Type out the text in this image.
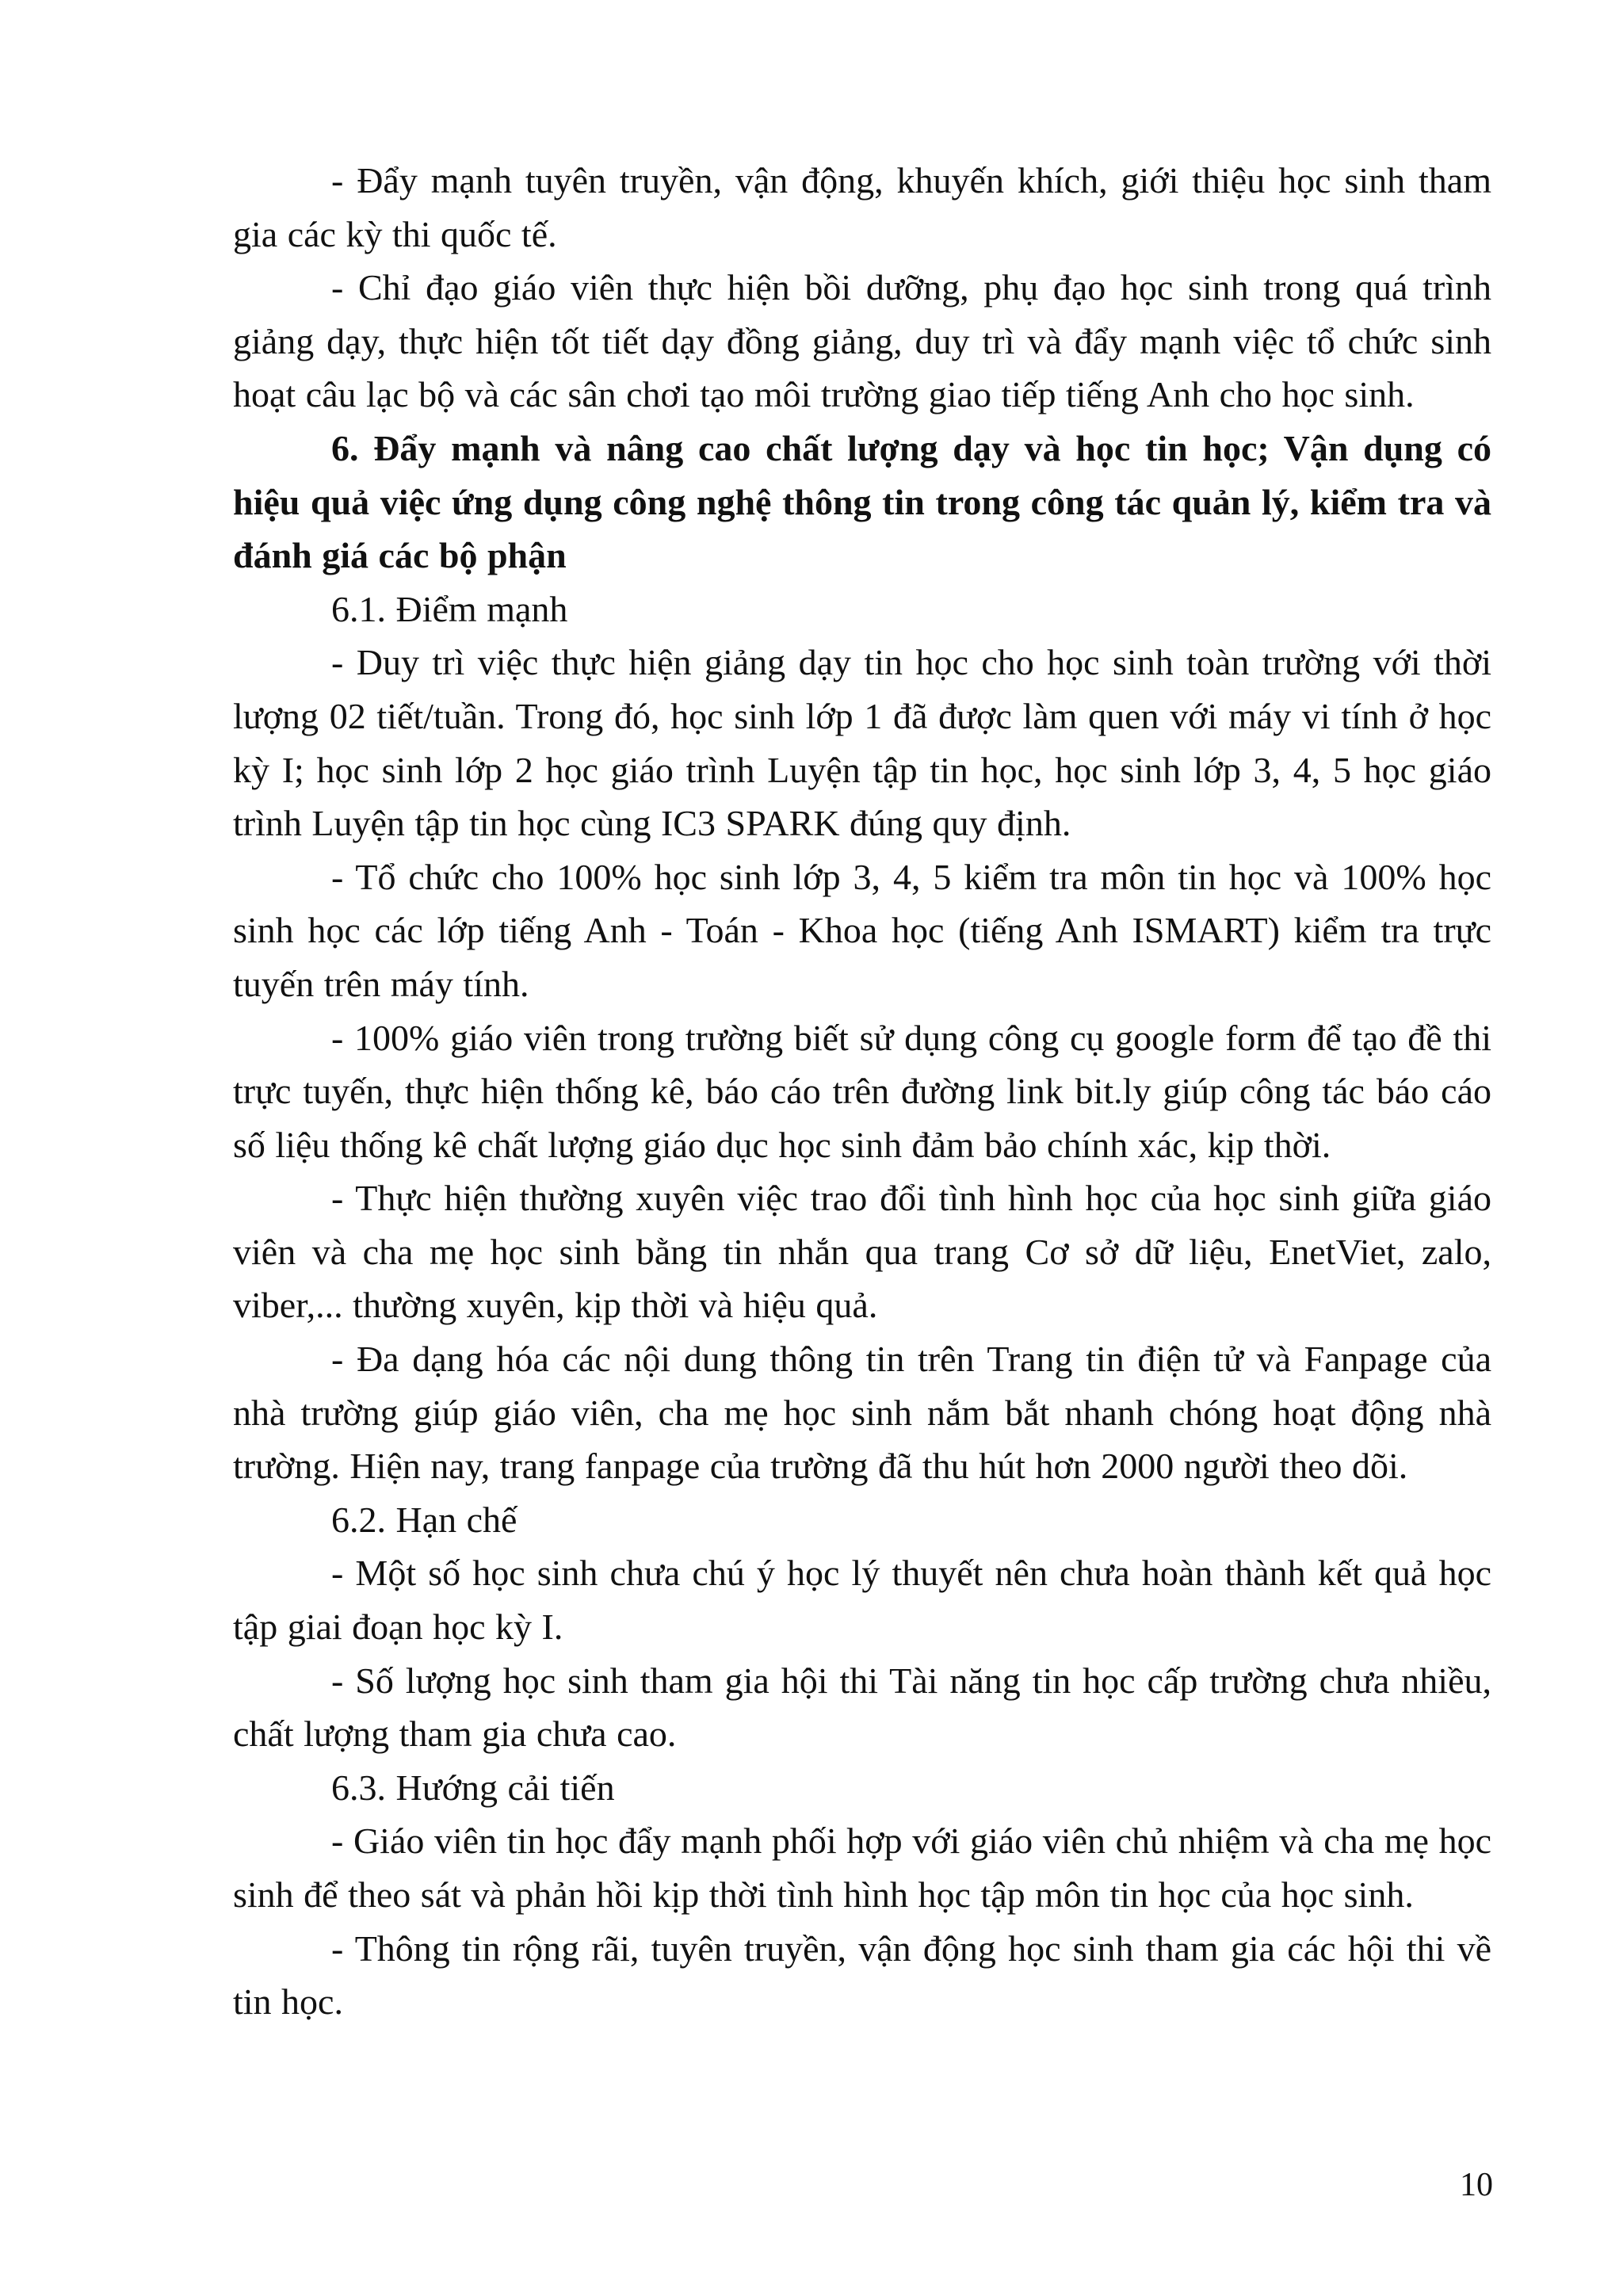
- Đẩy mạnh tuyên truyền, vận động, khuyến khích, giới thiệu học sinh tham gia các kỳ thi quốc tế.

- Chỉ đạo giáo viên thực hiện bồi dưỡng, phụ đạo học sinh trong quá trình giảng dạy, thực hiện tốt tiết dạy đồng giảng, duy trì và đẩy mạnh việc tổ chức sinh hoạt câu lạc bộ và các sân chơi tạo môi trường giao tiếp tiếng Anh cho học sinh.

6. Đẩy mạnh và nâng cao chất lượng dạy và học tin học; Vận dụng có hiệu quả việc ứng dụng công nghệ thông tin trong công tác quản lý, kiểm tra và đánh giá các bộ phận

6.1. Điểm mạnh

- Duy trì việc thực hiện giảng dạy tin học cho học sinh toàn trường với thời lượng 02 tiết/tuần. Trong đó, học sinh lớp 1 đã được làm quen với máy vi tính ở học kỳ I; học sinh lớp 2 học giáo trình Luyện tập tin học, học sinh lớp 3, 4, 5 học giáo trình Luyện tập tin học cùng IC3 SPARK đúng quy định.

- Tổ chức cho 100% học sinh lớp 3, 4, 5 kiểm tra môn tin học và 100% học sinh học các lớp tiếng Anh - Toán - Khoa học (tiếng Anh ISMART) kiểm tra trực tuyến trên máy tính.

- 100% giáo viên trong trường biết sử dụng công cụ google form để tạo đề thi trực tuyến, thực hiện thống kê, báo cáo trên đường link bit.ly giúp công tác báo cáo số liệu thống kê chất lượng giáo dục học sinh đảm bảo chính xác, kịp thời.

- Thực hiện thường xuyên việc trao đổi tình hình học của học sinh giữa giáo viên và cha mẹ học sinh bằng tin nhắn qua trang Cơ sở dữ liệu, EnetViet, zalo, viber,... thường xuyên, kịp thời và hiệu quả.

- Đa dạng hóa các nội dung thông tin trên Trang tin điện tử và Fanpage của nhà trường giúp giáo viên, cha mẹ học sinh nắm bắt nhanh chóng hoạt động nhà trường. Hiện nay, trang fanpage của trường đã thu hút hơn 2000 người theo dõi.

6.2. Hạn chế

- Một số học sinh chưa chú ý học lý thuyết nên chưa hoàn thành kết quả học tập giai đoạn học kỳ I.

- Số lượng học sinh tham gia hội thi Tài năng tin học cấp trường chưa nhiều, chất lượng tham gia chưa cao.

6.3. Hướng cải tiến

- Giáo viên tin học đẩy mạnh phối hợp với giáo viên chủ nhiệm và cha mẹ học sinh để theo sát và phản hồi kịp thời tình hình học tập môn tin học của học sinh.

- Thông tin rộng rãi, tuyên truyền, vận động học sinh tham gia các hội thi về tin học.

10
